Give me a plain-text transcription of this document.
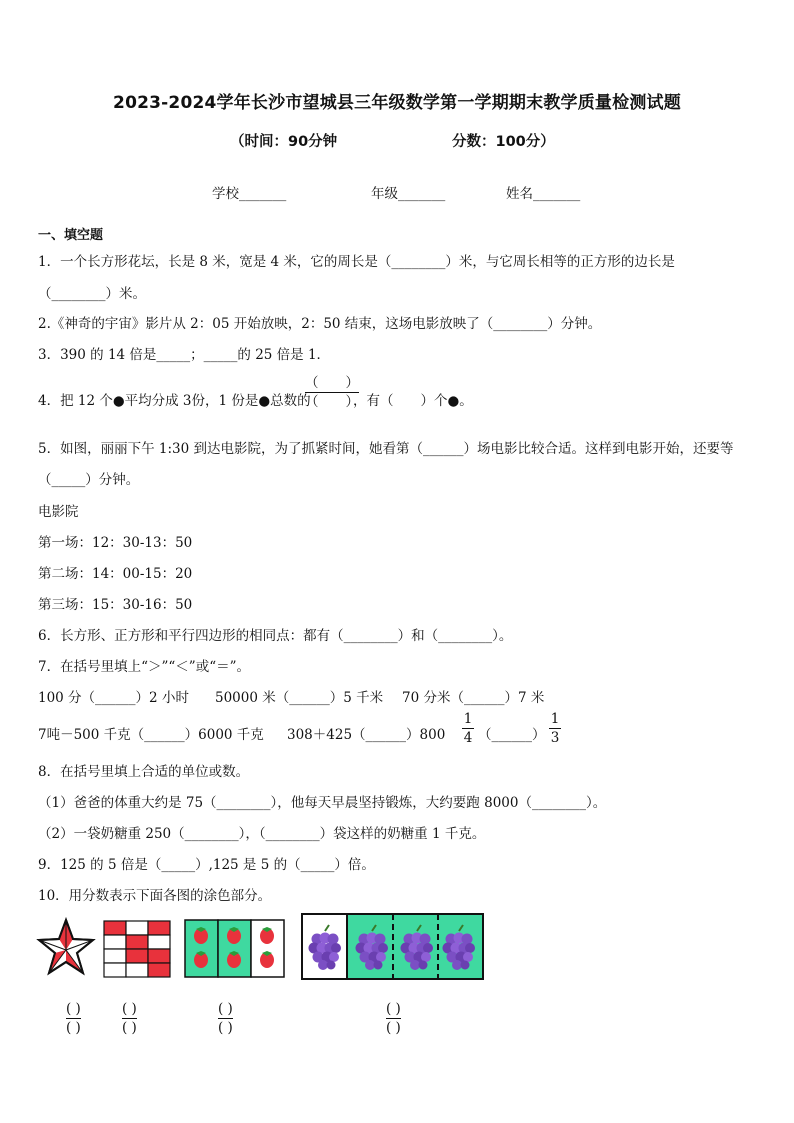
2023-2024学年长沙市望城县三年级数学第一学期期末教学质量检测试题
（时间：90分钟	分数：100分）
学校_______	年级_______	姓名_______
一、填空题
1．一个长方形花坛，长是 8 米，宽是 4 米，它的周长是（________）米，与它周长相等的正方形的边长是
（________）米。
2.《神奇的宇宙》影片从 2：05 开始放映，2：50 结束，这场电影放映了（________）分钟。
3．390 的 14 倍是_____；_____的 25 倍是 1．
4．把 12 个●平均分成 3份，1 份是●总数的
（　　）
（　　）
，有（　　）个●。
5．如图，丽丽下午 1:30 到达电影院，为了抓紧时间，她看第（______）场电影比较合适。这样到电影开始，还要等
（_____）分钟。
电影院
第一场：12：30-13：50
第二场：14：00-15：20
第三场：15：30-16：50
6．长方形、正方形和平行四边形的相同点：都有（________）和（________）。
7．在括号里填上“＞”“＜”或“＝”。
100 分（______）2 小时 50000 米（______）5 千米 70 分米（______）7 米
7吨－500 千克（______）6000 千克 308＋425（______）800
1
4 （______）
1
3
8．在括号里填上合适的单位或数。
（1）爸爸的体重大约是 75（________），他每天早晨坚持锻炼，大约要跑 8000（________）。
（2）一袋奶糖重 250（________），（________）袋这样的奶糖重 1 千克。
9．125 的 5 倍是（_____）,125 是 5 的（_____）倍。
10．用分数表示下面各图的涂色部分。
( )
( )
( )
( )
( )
( )
( )
( )
